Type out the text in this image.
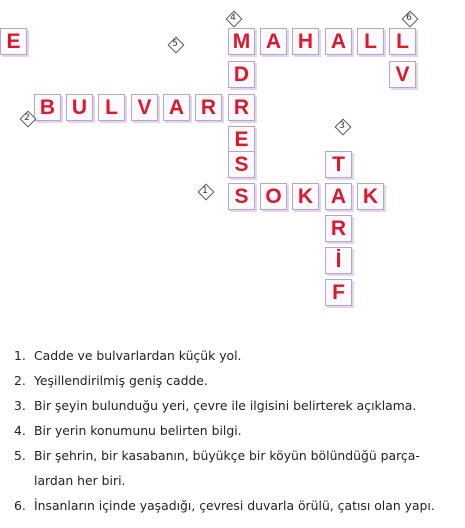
M A H A L L
E	5
D
R
E
S
4
V
6
B U L V A R
2
T
A
R
İ
F
3
S O K K
1
1. Cadde ve bulvarlardan küçük yol.
2. Yeşillendirilmiş geniş cadde.
3. Bir şeyin bulunduğu yeri, çevre ile ilgisini belirterek açıklama.
4. Bir yerin konumunu belirten bilgi.
5. Bir şehrin, bir kasabanın, büyükçe bir köyün bölündüğü parça-lardan her biri.
6. İnsanların içinde yaşadığı, çevresi duvarla örülü, çatısı olan yapı.
